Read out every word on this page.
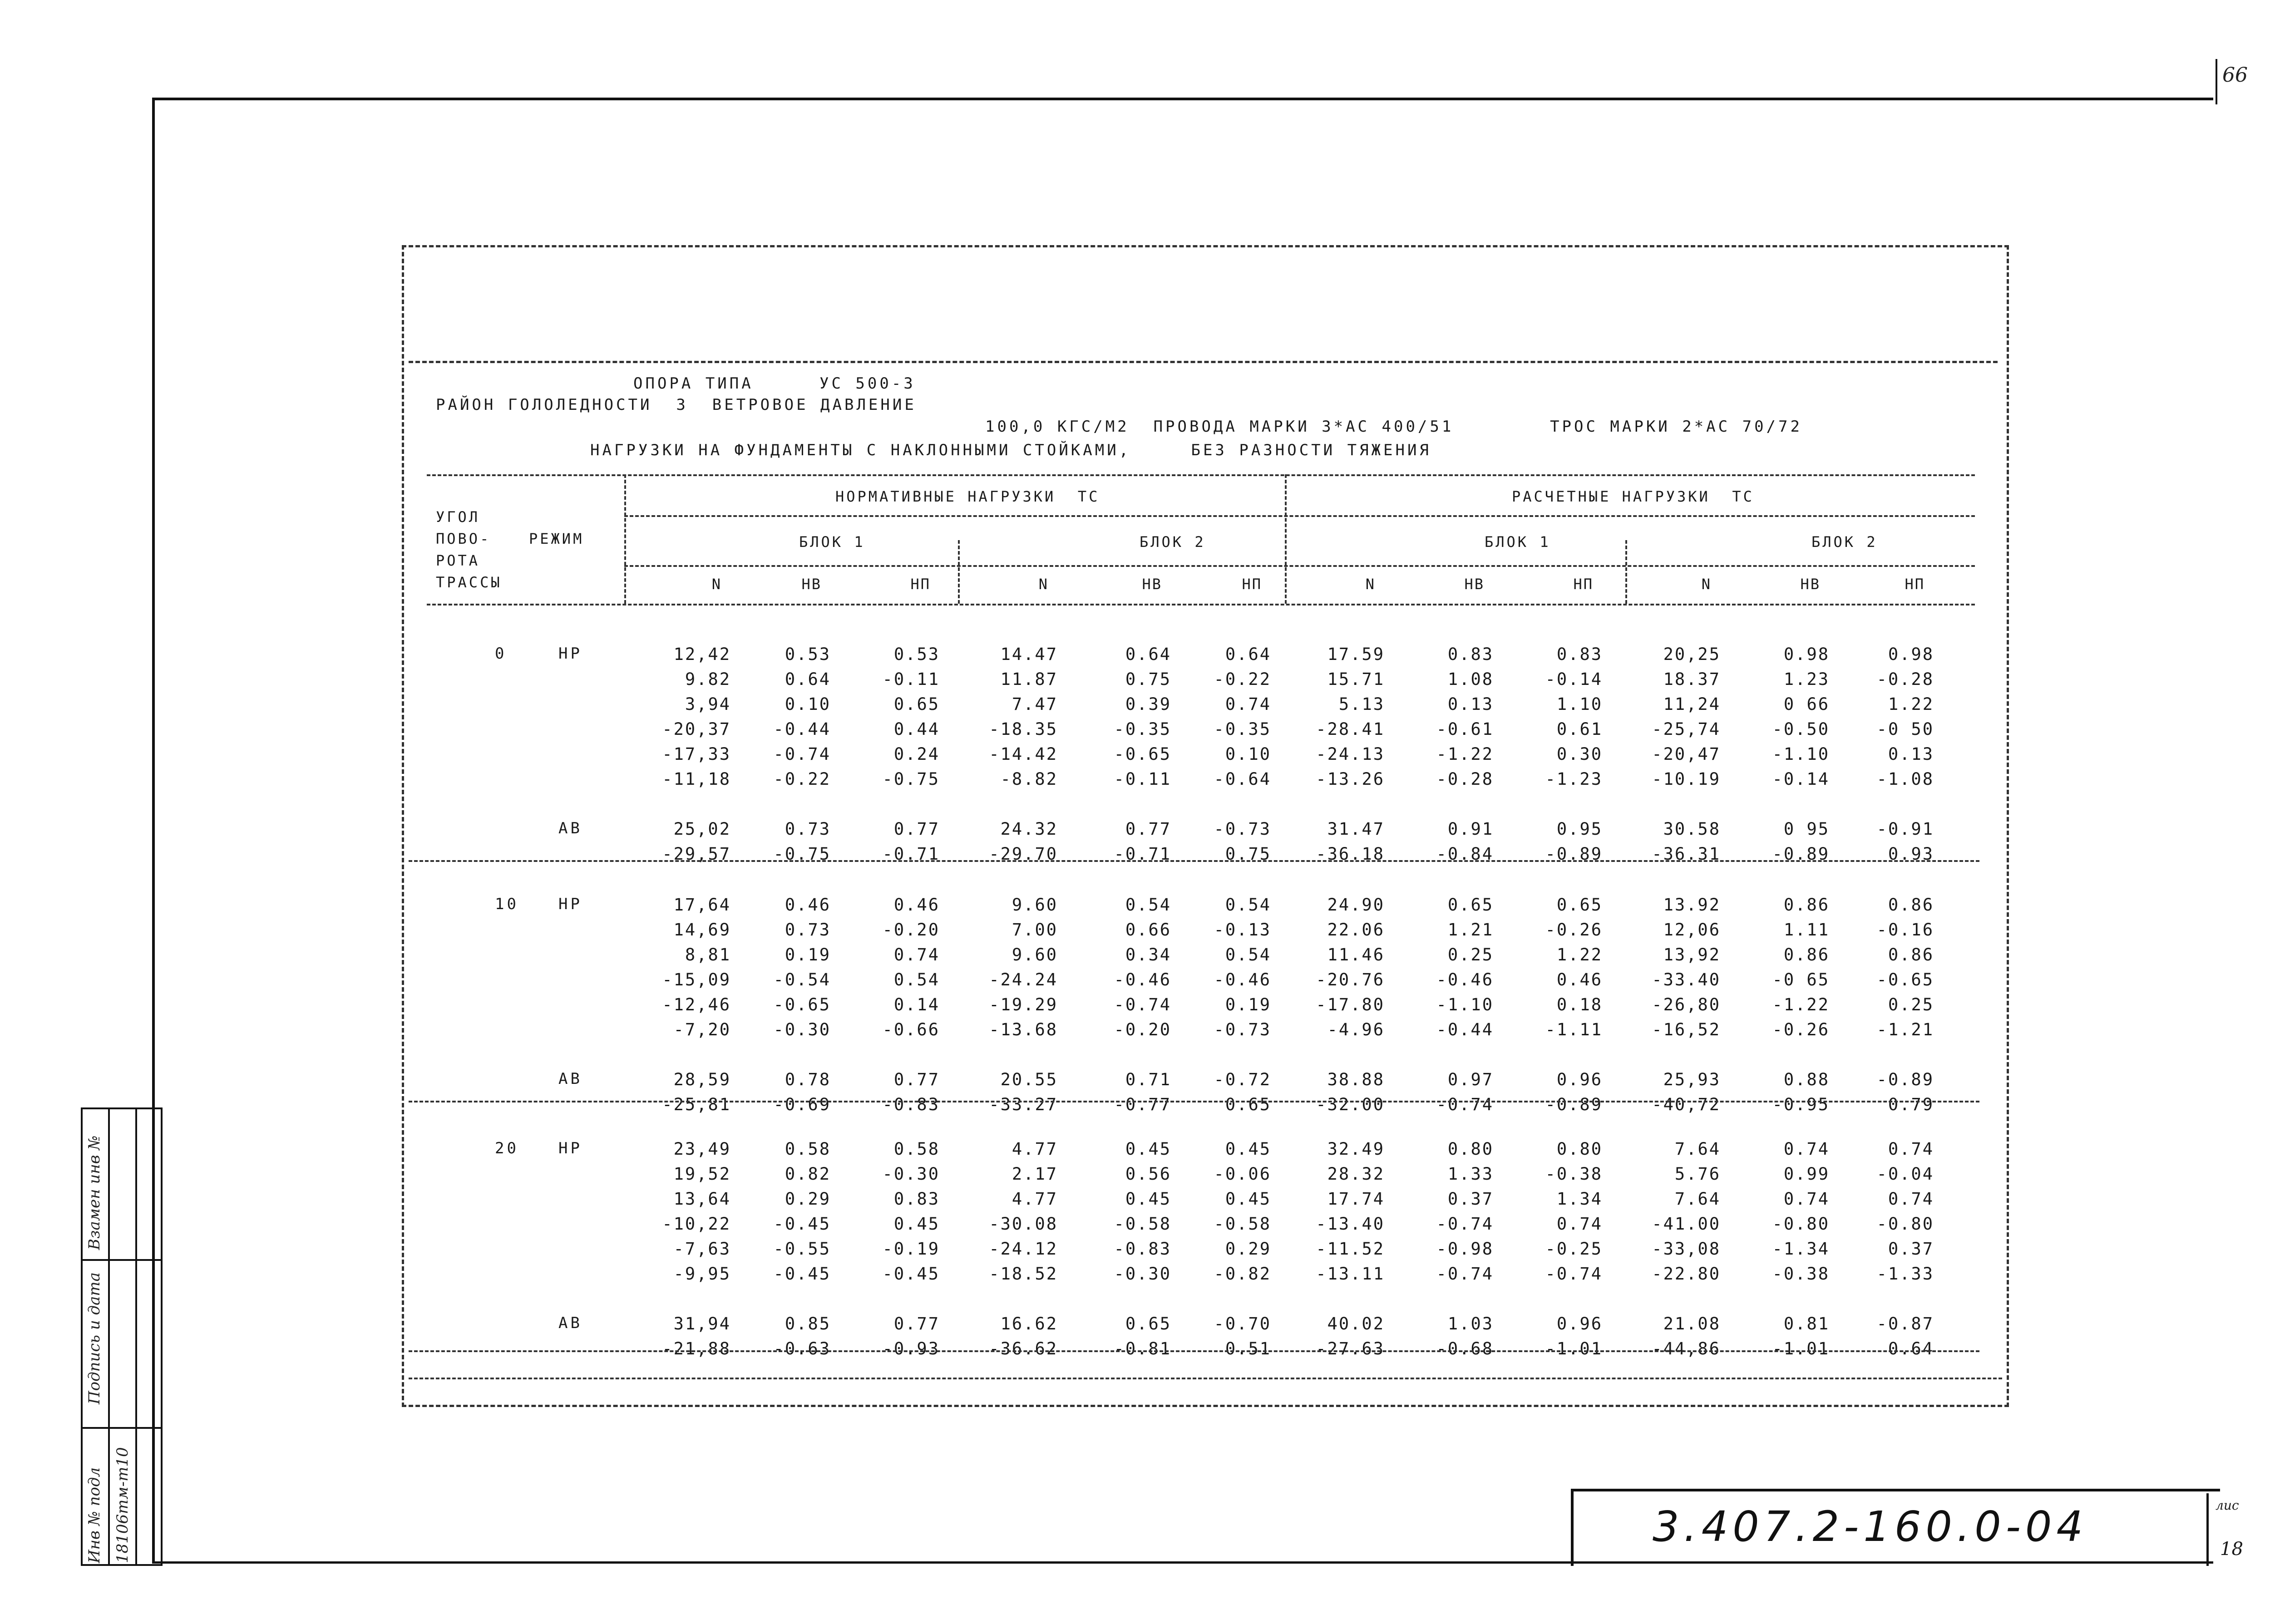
66
ОПОРА ТИПА	УС 500-3
РАЙОН ГОЛОЛЕДНОСТИ  3  ВЕТРОВОЕ ДАВЛЕНИЕ
100,0 КГС/М2  ПРОВОДА МАРКИ 3*АС 400/51        ТРОС МАРКИ 2*АС 70/72
НАГРУЗКИ НА ФУНДАМЕНТЫ С НАКЛОННЫМИ СТОЙКАМИ,     БЕЗ РАЗНОСТИ ТЯЖЕНИЯ
УГОЛ
ПОВО-
РОТА
ТРАССЫ
РЕЖИМ
НОРМАТИВНЫЕ НАГРУЗКИ  ТС	РАСЧЕТНЫЕ НАГРУЗКИ  ТС
БЛОК 1	БЛОК 2	БЛОК 1	БЛОК 2
N	НВ	НП	N	НВ	НП	N	НВ	НП	N	НВ	НП
0	НР	12,42	0.53	0.53	14.47	0.64	0.64	17.59	0.83	0.83	20,25	0.98	0.98
9.82	0.64	-0.11	11.87	0.75	-0.22	15.71	1.08	-0.14	18.37	1.23	-0.28
3,94	0.10	0.65	7.47	0.39	0.74	5.13	0.13	1.10	11,24	0 66	1.22
-20,37	-0.44	0.44	-18.35	-0.35	-0.35	-28.41	-0.61	0.61	-25,74	-0.50	-0 50
-17,33	-0.74	0.24	-14.42	-0.65	0.10	-24.13	-1.22	0.30	-20,47	-1.10	0.13
-11,18	-0.22	-0.75	-8.82	-0.11	-0.64	-13.26	-0.28	-1.23	-10.19	-0.14	-1.08
АВ	25,02	0.73	0.77	24.32	0.77	-0.73	31.47	0.91	0.95	30.58	0 95	-0.91
-29,57	-0.75	-0.71	-29.70	-0.71	0.75	-36.18	-0.84	-0.89	-36.31	-0.89	0.93
10	НР	17,64	0.46	0.46	9.60	0.54	0.54	24.90	0.65	0.65	13.92	0.86	0.86
14,69	0.73	-0.20	7.00	0.66	-0.13	22.06	1.21	-0.26	12,06	1.11	-0.16
8,81	0.19	0.74	9.60	0.34	0.54	11.46	0.25	1.22	13,92	0.86	0.86
-15,09	-0.54	0.54	-24.24	-0.46	-0.46	-20.76	-0.46	0.46	-33.40	-0 65	-0.65
-12,46	-0.65	0.14	-19.29	-0.74	0.19	-17.80	-1.10	0.18	-26,80	-1.22	0.25
-7,20	-0.30	-0.66	-13.68	-0.20	-0.73	-4.96	-0.44	-1.11	-16,52	-0.26	-1.21
АВ	28,59	0.78	0.77	20.55	0.71	-0.72	38.88	0.97	0.96	25,93	0.88	-0.89
-25,81	-0.69	-0.83	-33.27	-0.77	0.65	-32.00	-0.74	-0.89	-40,72	-0.95	0.79
20	НР	23,49	0.58	0.58	4.77	0.45	0.45	32.49	0.80	0.80	7.64	0.74	0.74
19,52	0.82	-0.30	2.17	0.56	-0.06	28.32	1.33	-0.38	5.76	0.99	-0.04
13,64	0.29	0.83	4.77	0.45	0.45	17.74	0.37	1.34	7.64	0.74	0.74
-10,22	-0.45	0.45	-30.08	-0.58	-0.58	-13.40	-0.74	0.74	-41.00	-0.80	-0.80
-7,63	-0.55	-0.19	-24.12	-0.83	0.29	-11.52	-0.98	-0.25	-33,08	-1.34	0.37
-9,95	-0.45	-0.45	-18.52	-0.30	-0.82	-13.11	-0.74	-0.74	-22.80	-0.38	-1.33
АВ	31,94	0.85	0.77	16.62	0.65	-0.70	40.02	1.03	0.96	21.08	0.81	-0.87
-21,88	-0.63	-0.93	-36.62	-0.81	0.51	-27.63	-0.68	-1.01	-44,86	-1.01	0.64
Инв № подл 18106тм-т10
Подпись и дата
Взамен инв №
3.407.2-160.0-04	лис
18
